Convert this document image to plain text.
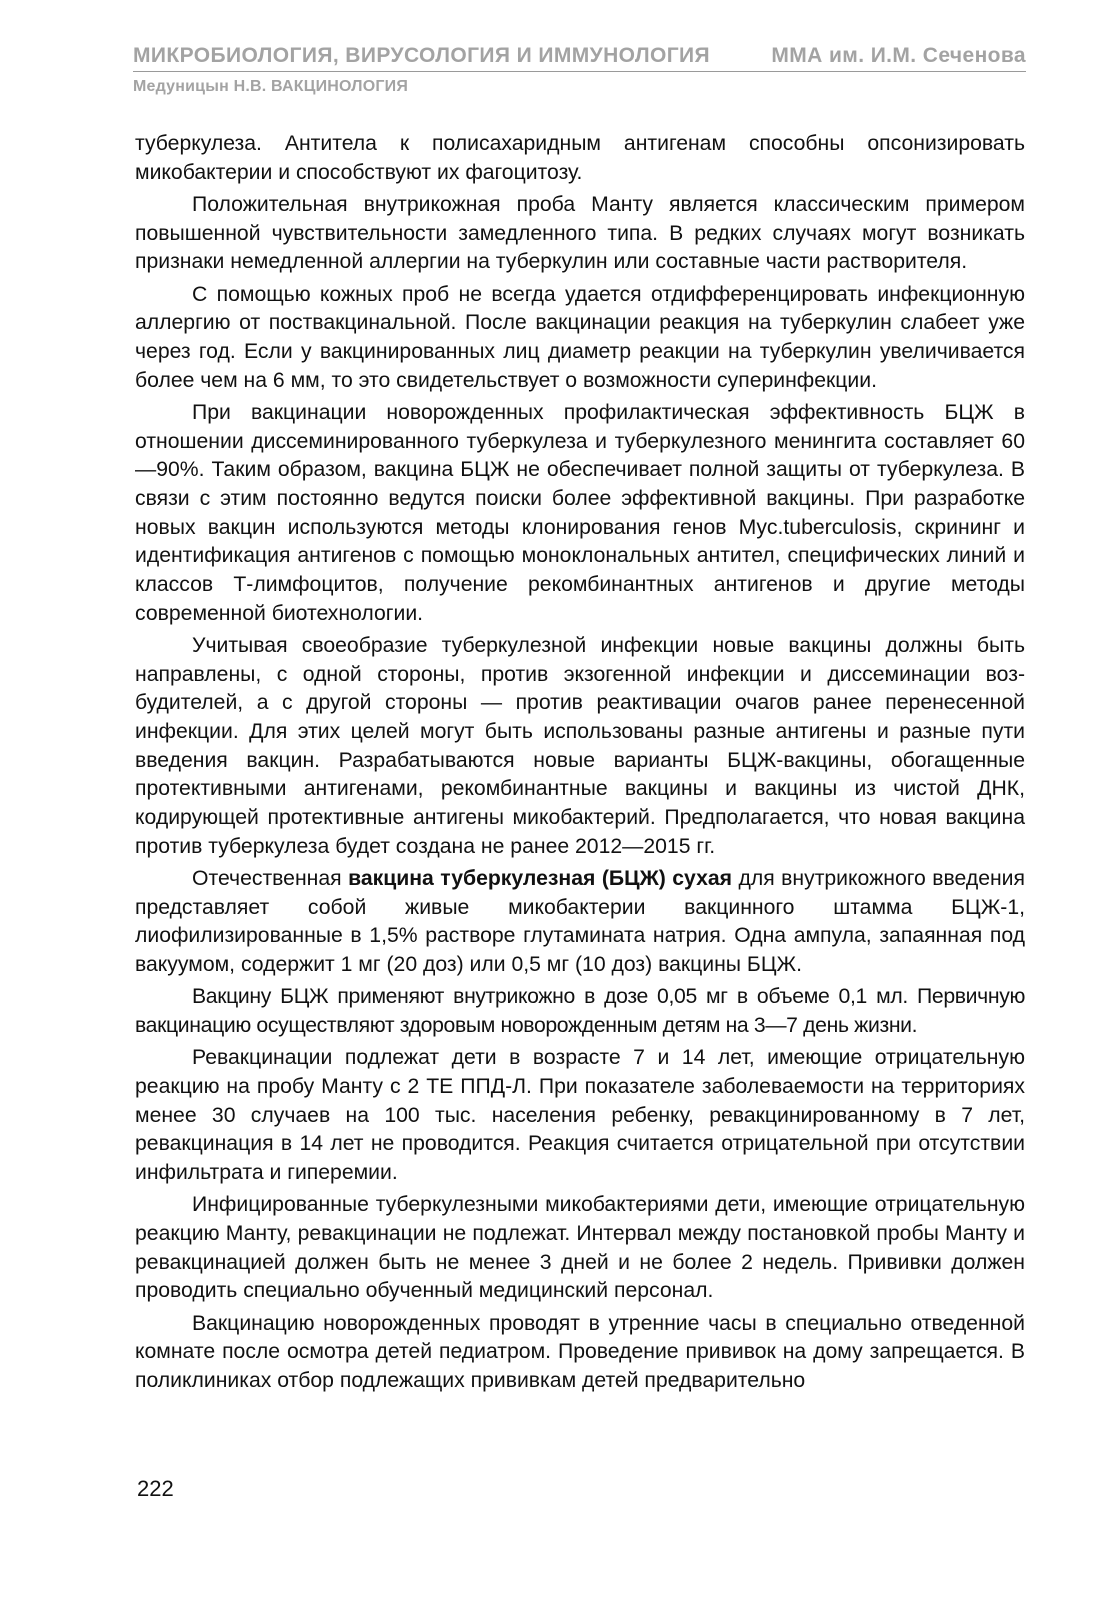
МИКРОБИОЛОГИЯ, ВИРУСОЛОГИЯ И ИММУНОЛОГИЯ	ММА им. И.М. Сеченова
Медуницын Н.В. ВАКЦИНОЛОГИЯ

туберкулеза. Антитела к полисахаридным антигенам способны опсонизировать микобактерии и способствуют их фагоцитозу.

Положительная внутрикожная проба Манту является классическим примером повышенной чувствительности замедленного типа. В редких случаях могут возникать признаки немедленной аллергии на туберкулин или составные части растворителя.

С помощью кожных проб не всегда удается отдифференцировать инфекционную аллергию от поствакцинальной. После вакцинации реакция на туберкулин слабеет уже через год. Если у вакцинированных лиц диаметр реакции на туберкулин увеличивается более чем на 6 мм, то это свидетельствует о возможности суперинфекции.

При вакцинации новорожденных профилактическая эффективность БЦЖ в отношении диссеминированного туберкулеза и туберкулезного менингита составляет 60—90%. Таким образом, вакцина БЦЖ не обеспечивает полной защиты от туберкулеза. В связи с этим постоянно ведутся поиски более эффективной вакцины. При разработке новых вакцин используются методы клонирования генов Myc.tuberculosis, скрининг и идентификация антигенов с помощью моноклональных антител, специфических линий и классов Т-лимфоцитов, получение рекомбинантных антигенов и другие методы современной биотехнологии.

Учитывая своеобразие туберкулезной инфекции новые вакцины должны быть направлены, с одной стороны, против экзогенной инфекции и диссеминации возбудителей, а с другой стороны — против реактивации очагов ранее перенесенной инфекции. Для этих целей могут быть использованы разные антигены и разные пути введения вакцин. Разрабатываются новые варианты БЦЖ-вакцины, обогащенные протективными антигенами, рекомбинантные вакцины и вакцины из чистой ДНК, кодирующей протективные антигены микобактерий. Предполагается, что новая вакцина против туберкулеза будет создана не ранее 2012—2015 гг.

Отечественная вакцина туберкулезная (БЦЖ) сухая для внутрикожного введения представляет собой живые микобактерии вакцинного штамма БЦЖ-1, лиофилизированные в 1,5% растворе глутамината натрия. Одна ампула, запаянная под вакуумом, содержит 1 мг (20 доз) или 0,5 мг (10 доз) вакцины БЦЖ.

Вакцину БЦЖ применяют внутрикожно в дозе 0,05 мг в объеме 0,1 мл. Первичную вакцинацию осуществляют здоровым новорожденным детям на 3—7 день жизни.

Ревакцинации подлежат дети в возрасте 7 и 14 лет, имеющие отрицательную реакцию на пробу Манту с 2 ТЕ ППД-Л. При показателе заболеваемости на территориях менее 30 случаев на 100 тыс. населения ребенку, ревакцинированному в 7 лет, ревакцинация в 14 лет не проводится. Реакция считается отрицательной при отсутствии инфильтрата и гиперемии.

Инфицированные туберкулезными микобактериями дети, имеющие отрицательную реакцию Манту, ревакцинации не подлежат. Интервал между постановкой пробы Манту и ревакцинацией должен быть не менее 3 дней и не более 2 недель. Прививки должен проводить специально обученный медицинский персонал.

Вакцинацию новорожденных проводят в утренние часы в специально отведенной комнате после осмотра детей педиатром. Проведение прививок на дому запрещается. В поликлиниках отбор подлежащих прививкам детей предварительно

222
